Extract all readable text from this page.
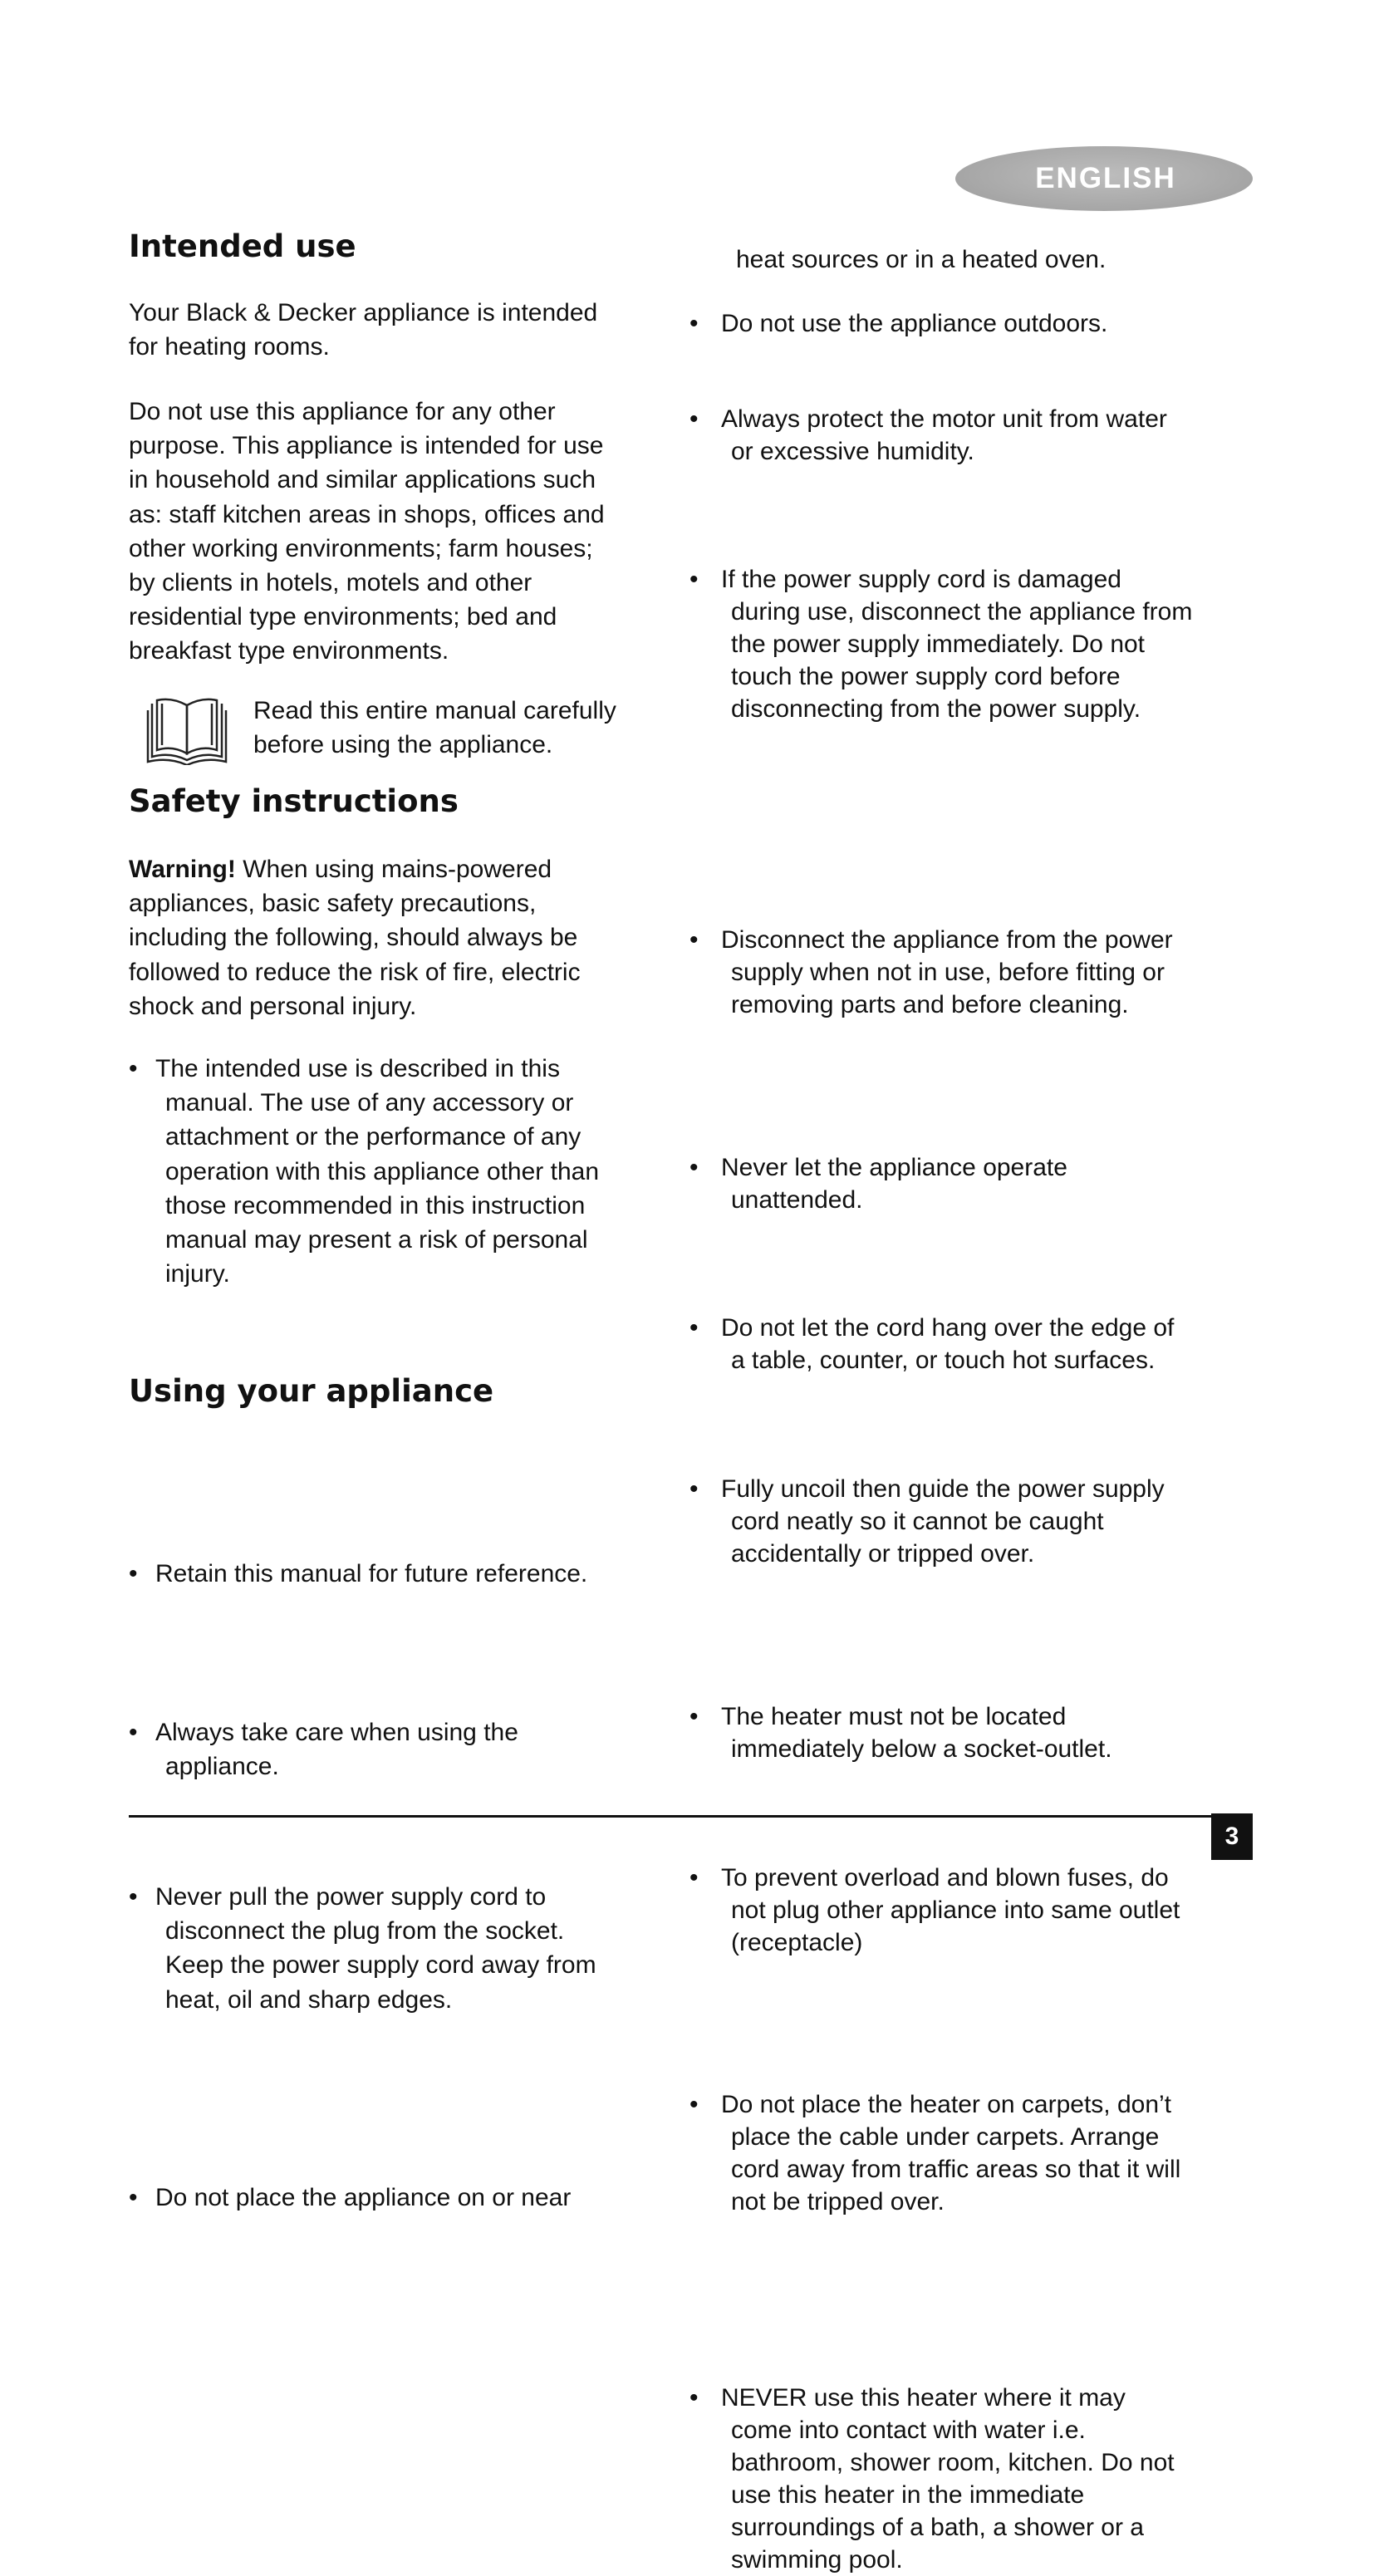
ENGLISH
Intended use
Your Black & Decker appliance is intended
for heating rooms.
Do not use this appliance for any other
purpose. This appliance is intended for use
in household and similar applications such
as: staff kitchen areas in shops, offices and
other working environments; farm houses;
by clients in hotels, motels and other
residential type environments; bed and
breakfast type environments.
Safety instructions
Warning! When using mains-powered
appliances, basic safety precautions,
including the following, should always be
followed to reduce the risk of fire, electric
shock and personal injury.
• The intended use is described in this
manual. The use of any accessory or
attachment or the performance of any
operation with this appliance other than
those recommended in this instruction
manual may present a risk of personal
injury.
• Retain this manual for future reference.
Using your appliance
• Always take care when using the
appliance.
• Never pull the power supply cord to
disconnect the plug from the socket.
Keep the power supply cord away from
heat, oil and sharp edges.
• Do not place the appliance on or near
Read this entire manual carefully
before using the appliance.
heat sources or in a heated oven.
• Do not use the appliance outdoors.
• Always protect the motor unit from water
or excessive humidity.
• If the power supply cord is damaged
during use, disconnect the appliance from
the power supply immediately. Do not
touch the power supply cord before
disconnecting from the power supply.
• Disconnect the appliance from the power
supply when not in use, before fitting or
removing parts and before cleaning.
• Never let the appliance operate
unattended.
• Do not let the cord hang over the edge of
a table, counter, or touch hot surfaces.
• Fully uncoil then guide the power supply
cord neatly so it cannot be caught
accidentally or tripped over.
• The heater must not be located
immediately below a socket-outlet.
• To prevent overload and blown fuses, do
not plug other appliance into same outlet
(receptacle)
• Do not place the heater on carpets, don’t
place the cable under carpets. Arrange
cord away from traffic areas so that it will
not be tripped over.
• NEVER use this heater where it may
come into contact with water i.e.
bathroom, shower room, kitchen. Do not
use this heater in the immediate
surroundings of a bath, a shower or a
swimming pool.
3
